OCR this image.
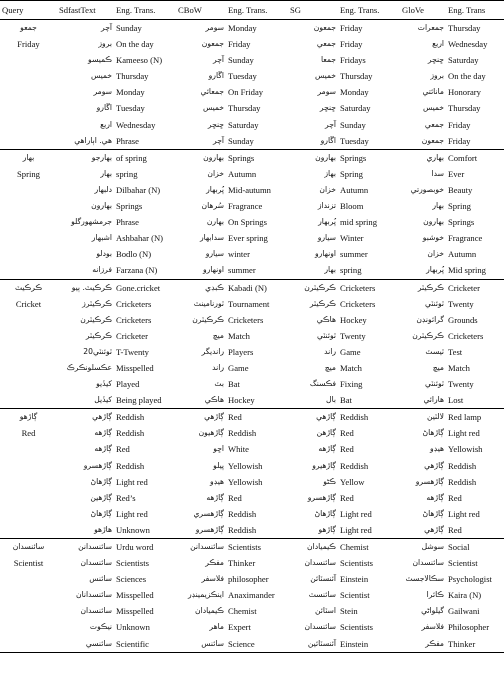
Query	SdfastText	Eng. Trans.	CBoW	Eng. Trans.	SG	Eng. Trans.	GloVe	Eng. Trans
جمعو	آچر	Sunday	سومر	Monday	جمعون	Friday	جمعرات	Thursday
Friday	بروز	On the day	جمعون	Friday	جمعي	Friday	اربع	Wednesday
	ڪميسو	Kameeso (N)	آچر	Sunday	جمعا	Fridays	ڇنڇر	Saturday
	خميس	Thursday	اڱارو	Tuesday	خميس	Thursday	بروز	On the day
	سومر	Monday	جمعائي	On Friday	سومر	Monday	مانائتي	Honorary
	اڱارو	Tuesday	خميس	Thursday	ڇنڇر	Saturday	خميس	Thursday
	اربع	Wednesday	ڇنڇر	Saturday	آچر	Sunday	جمعي	Friday
	هي. اٻاراهي	Phrase	آچر	Sunday	اڱارو	Tuesday	جمعون	Friday
بهار	بهارجو	of spring	بهارون	Springs	بهارون	Springs	بهاري	Comfort
Spring	بهار	spring	خزان	Autumn	بهاز	Spring	سدا	Ever
	دلبهار	Dilbahar (N)	پُربهار	Mid-autumn	خزان	Autumn	خوبصورتي	Beauty
	بهارون	Springs	سُرهان	Fragrance	تزنداز	Bloom	بهار	Spring
	جرمشهورگلو	Phrase	بهارن	On Springs	پُربهار	mid spring	بهارون	Springs
	اشبهار	Ashbahar (N)	سدابهار	Ever spring	سيارو	Winter	خوشبو	Fragrance
	بودلو	Bodlo (N)	سيارو	winter	اونهارو	summer	خزان	Autumn
	فرزانه	Farzana (N)	اونهارو	summer	بهار	spring	پُربهار	Mid spring
ڪرڪيٽ	ڪرڪيٽ. ٻيو	Gone.cricket	ڪبڊي	Kabadi (N)	ڪرڪيٽرن	Cricketers	ڪرڪيٽر	Cricketer
Cricket	ڪرڪيٽرز	Cricketers	ٽورنامينٽ	Tournament	ڪرڪيٽر	Cricketers	ٽوئنٽي	Twenty
	ڪرڪيٽرن	Cricketers	ڪرڪيٽرن	Cricketers	هاڪي	Hockey	گرائونڊن	Grounds
	ڪرڪيٽر	Cricketer	ميچ	Match	ٽوئنٽي	Twenty	ڪرڪيٽرن	Cricketers
	20ٽوئنٽي	T-Twenty	رانديگر	Players	راند	Game	ٽيسٽ	Test
	عڪسلونڪرڪ	Misspelled	راند	Game	ميچ	Match	ميچ	Match
	کيڏيو	Played	بٽ	Bat	فڪسنگ	Fixing	ٽوئنٽي	Twenty
	کيڏيل	Being played	هاڪي	Hockey	بال	Bat	هارائي	Lost
ڳاڙهو	ڳاڙهي	Reddish	ڳاڙهي	Red	ڳاڙهي	Reddish	لالٽين	Red lamp
Red	ڳاڙهه	Reddish	ڳاڙهيون	Reddish	ڳاڙهن	Red	ڳاڙهاڻ	Light red
	ڳاڙهه	Red	اڇو	White	ڳاڙهه	Red	هيڊو	Yellowish
	ڳاڙهسرو	Reddish	پيلو	Yellowish	ڳاڙهيرو	Reddish	ڳاڙهي	Reddish
	ڳاڙهاڻ	Light red	هيڊو	Yellowish	ڪڻو	Yellow	ڳاڙهسرو	Reddish
	ڳاڙهين	Red’s	ڳاڙهه	Red	ڳاڙهسرو	Red	ڳاڙهه	Red
	ڳاڙهاڻ	Light red	ڳاڙهسري	Reddish	ڳاڙهاڻ	Light red	ڳاڙهاڻ	Light red
	هاڙهو	Unknown	ڳاڙهسرو	Reddish	ڳاڙهو	Light red	ڳاڙهي	Red
سائنسدان	سائنسدانن	Urdu word	سائنسدانن	Scientists	ڪيميادان	Chemist	سوشل	Social
Scientist	سائنسدان	Scientists	مفڪر	Thinker	سائنسدان	Scientists	سائنسدان	Scientist
	سائنس	Sciences	فلاسفر	philosopher	آئنسٽائن	Einstein	سڪالاجسٽ	Psychologist
	سائنسدانان	Misspelled	اينڪزيمينڊر	Anaximander	سائنسٽ	Scientist	ڪائرا	Kaira (N)
	سائنسدان	Misspelled	ڪيميادان	Chemist	اسٽائن	Stein	گيلواڻي	Gailwani
	نيڪوت	Unknown	ماهر	Expert	سائنسدان	Scientists	فلاسفر	Philosopher
	سائنسي	Scientific	سائنس	Science	آئنسٽائين	Einstein	مفڪر	Thinker
